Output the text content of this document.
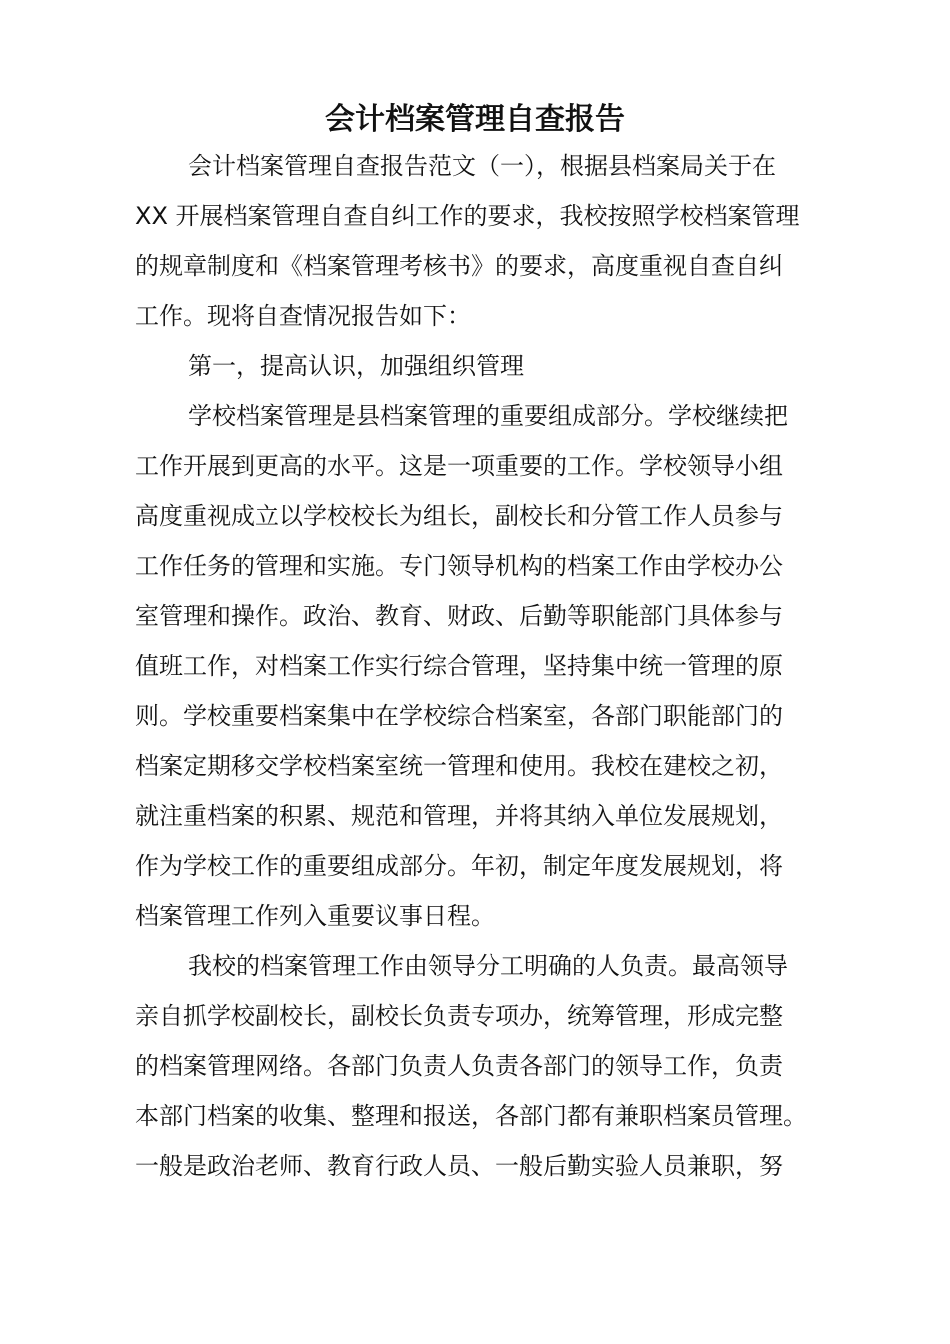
会计档案管理自查报告

会计档案管理自查报告范文（一），根据县档案局关于在

XX 开展档案管理自查自纠工作的要求，我校按照学校档案管理

的规章制度和《档案管理考核书》的要求，高度重视自查自纠

工作。现将自查情况报告如下：

第一，提高认识，加强组织管理

学校档案管理是县档案管理的重要组成部分。学校继续把

工作开展到更高的水平。这是一项重要的工作。学校领导小组

高度重视成立以学校校长为组长，副校长和分管工作人员参与

工作任务的管理和实施。专门领导机构的档案工作由学校办公

室管理和操作。政治、教育、财政、后勤等职能部门具体参与

值班工作，对档案工作实行综合管理，坚持集中统一管理的原

则。学校重要档案集中在学校综合档案室，各部门职能部门的

档案定期移交学校档案室统一管理和使用。我校在建校之初，

就注重档案的积累、规范和管理，并将其纳入单位发展规划，

作为学校工作的重要组成部分。年初，制定年度发展规划，将

档案管理工作列入重要议事日程。

我校的档案管理工作由领导分工明确的人负责。最高领导

亲自抓学校副校长，副校长负责专项办，统筹管理，形成完整

的档案管理网络。各部门负责人负责各部门的领导工作，负责

本部门档案的收集、整理和报送，各部门都有兼职档案员管理。

一般是政治老师、教育行政人员、一般后勤实验人员兼职，努
